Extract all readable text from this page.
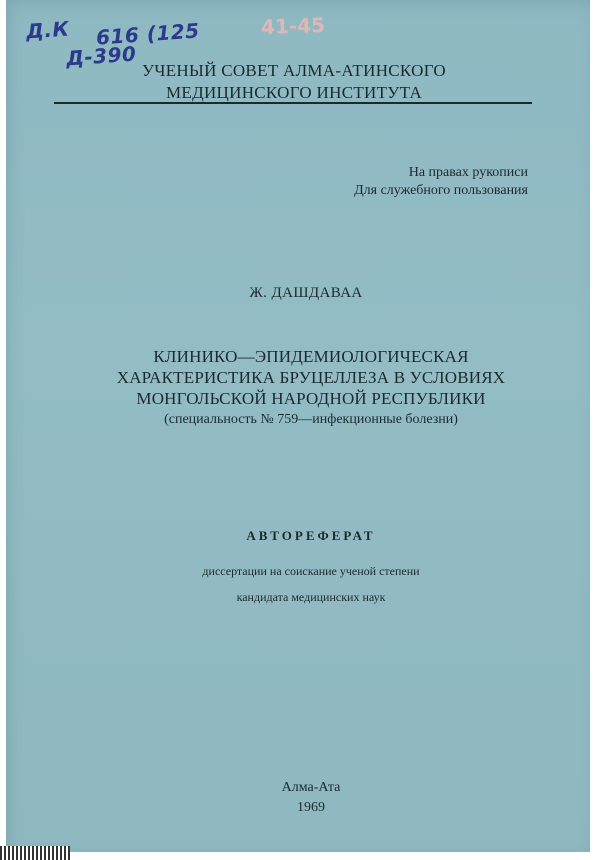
Д.К 616 (125
Д-390
41-45
УЧЕНЫЙ СОВЕТ АЛМА-АТИНСКОГО
МЕДИЦИНСКОГО ИНСТИТУТА
На правах рукописи
Для служебного пользования
Ж. ДАШДАВАА
КЛИНИКО—ЭПИДЕМИОЛОГИЧЕСКАЯ
ХАРАКТЕРИСТИКА БРУЦЕЛЛЕЗА В УСЛОВИЯХ
МОНГОЛЬСКОЙ НАРОДНОЙ РЕСПУБЛИКИ
(специальность № 759—инфекционные болезни)
АВТОРЕФЕРАТ
диссертации на соискание ученой степени
кандидата медицинских наук
Алма-Ата
1969
